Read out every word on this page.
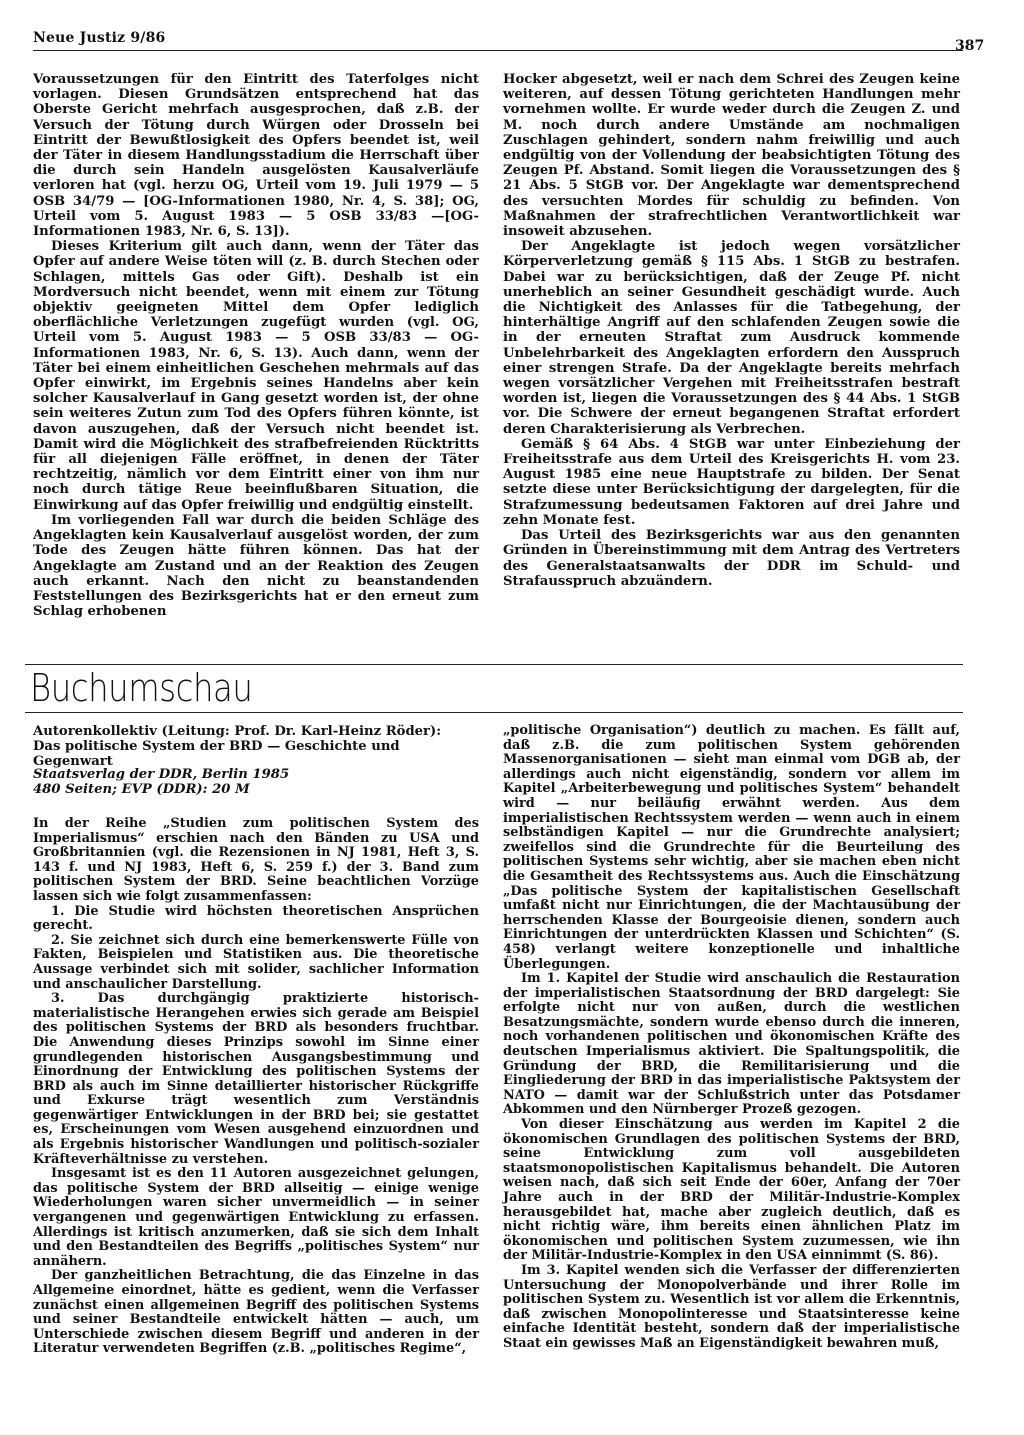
Neue Justiz 9/86	387

Voraussetzungen für den Eintritt des Taterfolges nicht vorlagen. Diesen Grundsätzen entsprechend hat das Oberste Gericht mehrfach ausgesprochen, daß z.B. der Versuch der Tötung durch Würgen oder Drosseln bei Eintritt der Bewußtlosigkeit des Opfers beendet ist, weil der Täter in diesem Handlungsstadium die Herrschaft über die durch sein Handeln ausgelösten Kausalverläufe verloren hat (vgl. herzu OG, Urteil vom 19. Juli 1979 — 5 OSB 34/79 — [OG-Informationen 1980, Nr. 4, S. 38]; OG, Urteil vom 5. August 1983 — 5 OSB 33/83 —[OG-Informationen 1983, Nr. 6, S. 13]).

Dieses Kriterium gilt auch dann, wenn der Täter das Opfer auf andere Weise töten will (z. B. durch Stechen oder Schlagen, mittels Gas oder Gift). Deshalb ist ein Mordversuch nicht beendet, wenn mit einem zur Tötung objektiv geeigneten Mittel dem Opfer lediglich oberflächliche Verletzungen zugefügt wurden (vgl. OG, Urteil vom 5. August 1983 — 5 OSB 33/83 — OG-Informationen 1983, Nr. 6, S. 13). Auch dann, wenn der Täter bei einem einheitlichen Geschehen mehrmals auf das Opfer einwirkt, im Ergebnis seines Handelns aber kein solcher Kausalverlauf in Gang gesetzt worden ist, der ohne sein weiteres Zutun zum Tod des Opfers führen könnte, ist davon auszugehen, daß der Versuch nicht beendet ist. Damit wird die Möglichkeit des strafbefreienden Rücktritts für all diejenigen Fälle eröffnet, in denen der Täter rechtzeitig, nämlich vor dem Eintritt einer von ihm nur noch durch tätige Reue beeinflußbaren Situation, die Einwirkung auf das Opfer freiwillig und endgültig einstellt.

Im vorliegenden Fall war durch die beiden Schläge des Angeklagten kein Kausalverlauf ausgelöst worden, der zum Tode des Zeugen hätte führen können. Das hat der Angeklagte am Zustand und an der Reaktion des Zeugen auch erkannt. Nach den nicht zu beanstandenden Feststellungen des Bezirksgerichts hat er den erneut zum Schlag erhobenen

Hocker abgesetzt, weil er nach dem Schrei des Zeugen keine weiteren, auf dessen Tötung gerichteten Handlungen mehr vornehmen wollte. Er wurde weder durch die Zeugen Z. und M. noch durch andere Umstände am nochmaligen Zuschlagen gehindert, sondern nahm freiwillig und auch endgültig von der Vollendung der beabsichtigten Tötung des Zeugen Pf. Abstand. Somit liegen die Voraussetzungen des § 21 Abs. 5 StGB vor. Der Angeklagte war dementsprechend des versuchten Mordes für schuldig zu befinden. Von Maßnahmen der strafrechtlichen Verantwortlichkeit war insoweit abzusehen.

Der Angeklagte ist jedoch wegen vorsätzlicher Körperverletzung gemäß § 115 Abs. 1 StGB zu bestrafen. Dabei war zu berücksichtigen, daß der Zeuge Pf. nicht unerheblich an seiner Gesundheit geschädigt wurde. Auch die Nichtigkeit des Anlasses für die Tatbegehung, der hinterhältige Angriff auf den schlafenden Zeugen sowie die in der erneuten Straftat zum Ausdruck kommende Unbelehrbarkeit des Angeklagten erfordern den Ausspruch einer strengen Strafe. Da der Angeklagte bereits mehrfach wegen vorsätzlicher Vergehen mit Freiheitsstrafen bestraft worden ist, liegen die Voraussetzungen des § 44 Abs. 1 StGB vor. Die Schwere der erneut begangenen Straftat erfordert deren Charakterisierung als Verbrechen.

Gemäß § 64 Abs. 4 StGB war unter Einbeziehung der Freiheitsstrafe aus dem Urteil des Kreisgerichts H. vom 23. August 1985 eine neue Hauptstrafe zu bilden. Der Senat setzte diese unter Berücksichtigung der dargelegten, für die Strafzumessung bedeutsamen Faktoren auf drei Jahre und zehn Monate fest.

Das Urteil des Bezirksgerichts war aus den genannten Gründen in Übereinstimmung mit dem Antrag des Vertreters des Generalstaatsanwalts der DDR im Schuld- und Strafausspruch abzuändern.

Buchumschau
Autorenkollektiv (Leitung: Prof. Dr. Karl-Heinz Röder):
Das politische System der BRD — Geschichte und Gegenwart
Staatsverlag der DDR, Berlin 1985
480 Seiten; EVP (DDR): 20 M

In der Reihe „Studien zum politischen System des Imperialismus“ erschien nach den Bänden zu USA und Großbritannien (vgl. die Rezensionen in NJ 1981, Heft 3, S. 143 f. und NJ 1983, Heft 6, S. 259 f.) der 3. Band zum politischen System der BRD. Seine beachtlichen Vorzüge lassen sich wie folgt zusammenfassen:

1. Die Studie wird höchsten theoretischen Ansprüchen gerecht.

2. Sie zeichnet sich durch eine bemerkenswerte Fülle von Fakten, Beispielen und Statistiken aus. Die theoretische Aussage verbindet sich mit solider, sachlicher Information und anschaulicher Darstellung.

3. Das durchgängig praktizierte historisch-materialistische Herangehen erwies sich gerade am Beispiel des politischen Systems der BRD als besonders fruchtbar. Die Anwendung dieses Prinzips sowohl im Sinne einer grundlegenden historischen Ausgangsbestimmung und Einordnung der Entwicklung des politischen Systems der BRD als auch im Sinne detaillierter historischer Rückgriffe und Exkurse trägt wesentlich zum Verständnis gegenwärtiger Entwicklungen in der BRD bei; sie gestattet es, Erscheinungen vom Wesen ausgehend einzuordnen und als Ergebnis historischer Wandlungen und politisch-sozialer Kräfteverhältnisse zu verstehen.

Insgesamt ist es den 11 Autoren ausgezeichnet gelungen, das politische System der BRD allseitig — einige wenige Wiederholungen waren sicher unvermeidlich — in seiner vergangenen und gegenwärtigen Entwicklung zu erfassen. Allerdings ist kritisch anzumerken, daß sie sich dem Inhalt und den Bestandteilen des Begriffs „politisches System“ nur annähern.

Der ganzheitlichen Betrachtung, die das Einzelne in das Allgemeine einordnet, hätte es gedient, wenn die Verfasser zunächst einen allgemeinen Begriff des politischen Systems und seiner Bestandteile entwickelt hätten — auch, um Unterschiede zwischen diesem Begriff und anderen in der Literatur verwendeten Begriffen (z.B. „politisches Regime“,

„politische Organisation“) deutlich zu machen. Es fällt auf, daß z.B. die zum politischen System gehörenden Massenorganisationen — sieht man einmal vom DGB ab, der allerdings auch nicht eigenständig, sondern vor allem im Kapitel „Arbeiterbewegung und politisches System“ behandelt wird — nur beiläufig erwähnt werden. Aus dem imperialistischen Rechtssystem werden — wenn auch in einem selbständigen Kapitel — nur die Grundrechte analysiert; zweifellos sind die Grundrechte für die Beurteilung des politischen Systems sehr wichtig, aber sie machen eben nicht die Gesamtheit des Rechtssystems aus. Auch die Einschätzung „Das politische System der kapitalistischen Gesellschaft umfaßt nicht nur Einrichtungen, die der Machtausübung der herrschenden Klasse der Bourgeoisie dienen, sondern auch Einrichtungen der unterdrückten Klassen und Schichten“ (S. 458) verlangt weitere konzeptionelle und inhaltliche Überlegungen.

Im 1. Kapitel der Studie wird anschaulich die Restauration der imperialistischen Staatsordnung der BRD dargelegt: Sie erfolgte nicht nur von außen, durch die westlichen Besatzungsmächte, sondern wurde ebenso durch die inneren, noch vorhandenen politischen und ökonomischen Kräfte des deutschen Imperialismus aktiviert. Die Spaltungspolitik, die Gründung der BRD, die Remilitarisierung und die Eingliederung der BRD in das imperialistische Paktsystem der NATO — damit war der Schlußstrich unter das Potsdamer Abkommen und den Nürnberger Prozeß gezogen.

Von dieser Einschätzung aus werden im Kapitel 2 die ökonomischen Grundlagen des politischen Systems der BRD, seine Entwicklung zum voll ausgebildeten staatsmonopolistischen Kapitalismus behandelt. Die Autoren weisen nach, daß sich seit Ende der 60er, Anfang der 70er Jahre auch in der BRD der Militär-Industrie-Komplex herausgebildet hat, mache aber zugleich deutlich, daß es nicht richtig wäre, ihm bereits einen ähnlichen Platz im ökonomischen und politischen System zuzumessen, wie ihn der Militär-Industrie-Komplex in den USA einnimmt (S. 86).

Im 3. Kapitel wenden sich die Verfasser der differenzierten Untersuchung der Monopolverbände und ihrer Rolle im politischen System zu. Wesentlich ist vor allem die Erkenntnis, daß zwischen Monopolinteresse und Staatsinteresse keine einfache Identität besteht, sondern daß der imperialistische Staat ein gewisses Maß an Eigenständigkeit bewahren muß,
